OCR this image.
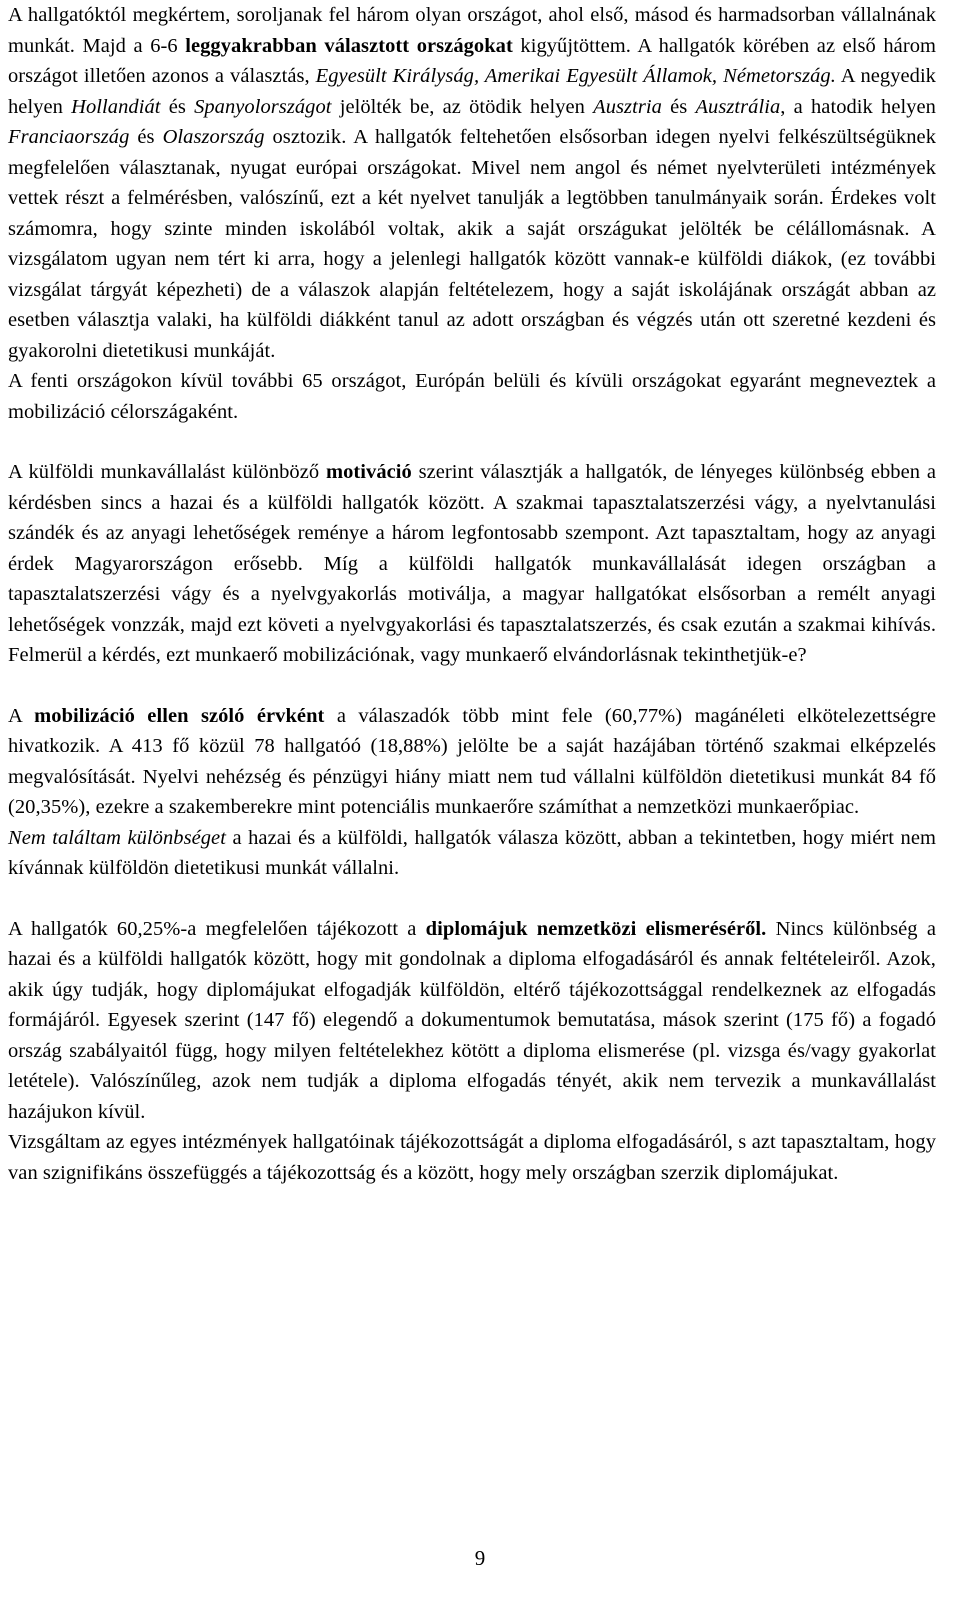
A hallgatóktól megkértem, soroljanak fel három olyan országot, ahol első, másod és harmadsorban vállalnának munkát. Majd a 6-6 leggyakrabban választott országokat kigyűjtöttem. A hallgatók körében az első három országot illetően azonos a választás, Egyesült Királyság, Amerikai Egyesült Államok, Németország. A negyedik helyen Hollandiát és Spanyolországot jelölték be, az ötödik helyen Ausztria és Ausztrália, a hatodik helyen Franciaország és Olaszország osztozik. A hallgatók feltehetően elsősorban idegen nyelvi felkészültségüknek megfelelően választanak, nyugat európai országokat. Mivel nem angol és német nyelvterületi intézmények vettek részt a felmérésben, valószínű, ezt a két nyelvet tanulják a legtöbben tanulmányaik során. Érdekes volt számomra, hogy szinte minden iskolából voltak, akik a saját országukat jelölték be célállomásnak. A vizsgálatom ugyan nem tért ki arra, hogy a jelenlegi hallgatók között vannak-e külföldi diákok, (ez további vizsgálat tárgyát képezheti) de a válaszok alapján feltételezem, hogy a saját iskolájának országát abban az esetben választja valaki, ha külföldi diákként tanul az adott országban és végzés után ott szeretné kezdeni és gyakorolni dietetikusi munkáját.

A fenti országokon kívül további 65 országot, Európán belüli és kívüli országokat egyaránt megneveztek a mobilizáció célországaként.

A külföldi munkavállalást különböző motiváció szerint választják a hallgatók, de lényeges különbség ebben a kérdésben sincs a hazai és a külföldi hallgatók között. A szakmai tapasztalatszerzési vágy, a nyelvtanulási szándék és az anyagi lehetőségek reménye a három legfontosabb szempont. Azt tapasztaltam, hogy az anyagi érdek Magyarországon erősebb. Míg a külföldi hallgatók munkavállalását idegen országban a tapasztalatszerzési vágy és a nyelvgyakorlás motiválja, a magyar hallgatókat elsősorban a remélt anyagi lehetőségek vonzzák, majd ezt követi a nyelvgyakorlási és tapasztalatszerzés, és csak ezután a szakmai kihívás. Felmerül a kérdés, ezt munkaerő mobilizációnak, vagy munkaerő elvándorlásnak tekinthetjük-e?

A mobilizáció ellen szóló érvként a válaszadók több mint fele (60,77%) magánéleti elkötelezettségre hivatkozik. A 413 fő közül 78 hallgatóó (18,88%) jelölte be a saját hazájában történő szakmai elképzelés megvalósítását. Nyelvi nehézség és pénzügyi hiány miatt nem tud vállalni külföldön dietetikusi munkát 84 fő (20,35%), ezekre a szakemberekre mint potenciális munkaerőre számíthat a nemzetközi munkaerőpiac.

Nem találtam különbséget a hazai és a külföldi, hallgatók válasza között, abban a tekintetben, hogy miért nem kívánnak külföldön dietetikusi munkát vállalni.

A hallgatók 60,25%-a megfelelően tájékozott a diplomájuk nemzetközi elismeréséről. Nincs különbség a hazai és a külföldi hallgatók között, hogy mit gondolnak a diploma elfogadásáról és annak feltételeiről. Azok, akik úgy tudják, hogy diplomájukat elfogadják külföldön, eltérő tájékozottsággal rendelkeznek az elfogadás formájáról. Egyesek szerint (147 fő) elegendő a dokumentumok bemutatása, mások szerint (175 fő) a fogadó ország szabályaitól függ, hogy milyen feltételekhez kötött a diploma elismerése (pl. vizsga és/vagy gyakorlat letétele). Valószínűleg, azok nem tudják a diploma elfogadás tényét, akik nem tervezik a munkavállalást hazájukon kívül.

Vizsgáltam az egyes intézmények hallgatóinak tájékozottságát a diploma elfogadásáról, s azt tapasztaltam, hogy van szignifikáns összefüggés a tájékozottság és a között, hogy mely országban szerzik diplomájukat.

9
